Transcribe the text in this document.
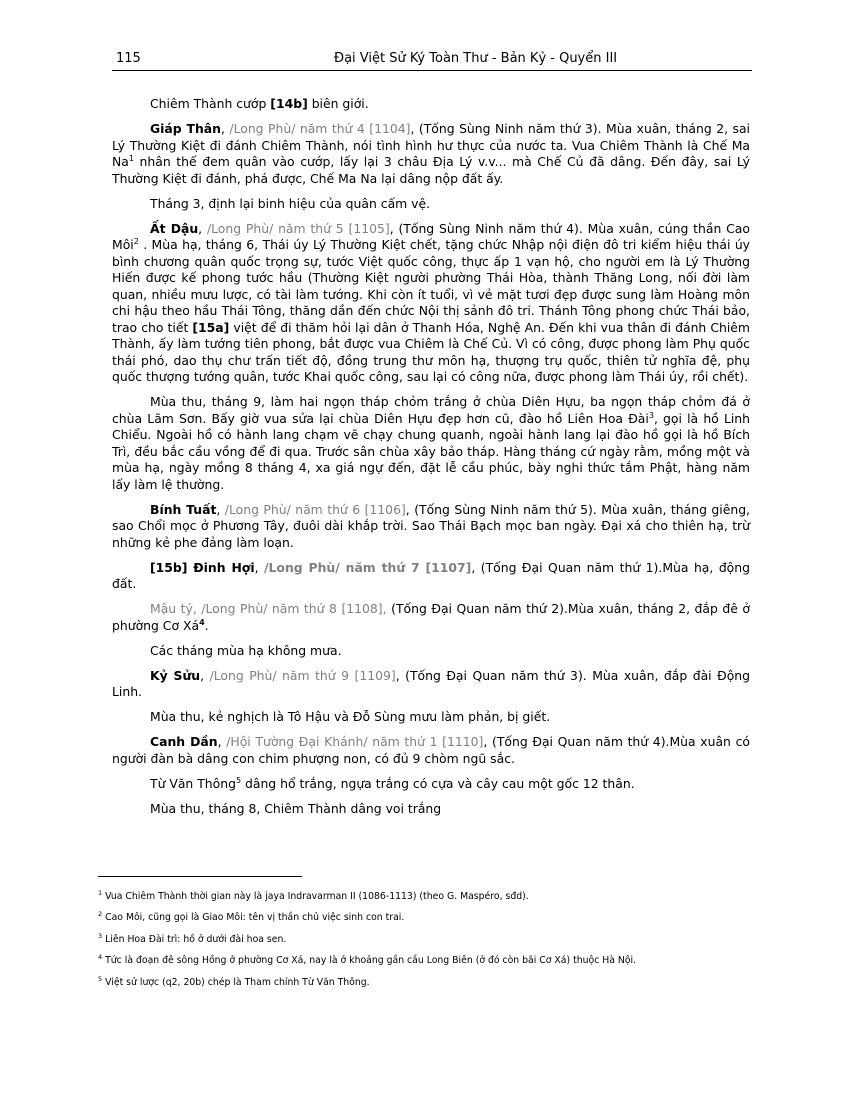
115	Đại Việt Sử Ký Toàn Thư - Bản Kỷ - Quyển III

Chiêm Thành cướp [14b] biên giới.

Giáp Thân, /Long Phù/ năm thứ 4 [1104], (Tống Sùng Ninh năm thứ 3). Mùa xuân, tháng 2, sai Lý Thường Kiệt đi đánh Chiêm Thành, nói tình hình hư thực của nước ta. Vua Chiêm Thành là Chế Ma Na$^1$ nhân thế đem quân vào cướp, lấy lại 3 châu Địa Lý v.v... mà Chế Củ đã dâng. Đến đây, sai Lý Thường Kiệt đi đánh, phá được, Chế Ma Na lại dâng nộp đất ấy.

Tháng 3, định lại binh hiệu của quân cấm vệ.

Ất Dậu, /Long Phù/ năm thứ 5 [1105], (Tống Sùng Ninh năm thứ 4). Mùa xuân, cúng thần Cao Môi$^2$ . Mùa hạ, tháng 6, Thái úy Lý Thường Kiệt chết, tặng chức Nhập nội điện đô tri kiểm hiệu thái úy bình chương quân quốc trọng sự, tước Việt quốc công, thực ấp 1 vạn hộ, cho người em là Lý Thường Hiến được kế phong tước hầu (Thường Kiệt người phường Thái Hòa, thành Thăng Long, nối đời làm quan, nhiều mưu lược, có tài làm tướng. Khi còn ít tuổi, vì vẻ mặt tươi đẹp được sung làm Hoàng môn chi hậu theo hầu Thái Tông, thăng dần đến chức Nội thị sảnh đô tri. Thánh Tông phong chức Thái bảo, trao cho tiết [15a] việt để đi thăm hỏi lại dân ở Thanh Hóa, Nghệ An. Đến khi vua thân đi đánh Chiêm Thành, ấy làm tướng tiên phong, bắt được vua Chiêm là Chế Củ. Vì có công, được phong làm Phụ quốc thái phó, dao thụ chư trấn tiết độ, đồng trung thư môn hạ, thượng trụ quốc, thiên tử nghĩa đệ, phụ quốc thượng tướng quân, tước Khai quốc công, sau lại có công nữa, được phong làm Thái úy, rồi chết).

Mùa thu, tháng 9, làm hai ngọn tháp chỏm trắng ở chùa Diên Hựu, ba ngọn tháp chỏm đá ở chùa Lãm Sơn. Bấy giờ vua sửa lại chùa Diên Hựu đẹp hơn cũ, đào hồ Liên Hoa Đài$^3$, gọi là hồ Linh Chiểu. Ngoài hồ có hành lang chạm vẽ chạy chung quanh, ngoài hành lang lại đào hồ gọi là hồ Bích Trì, đều bắc cầu vồng để đi qua. Trước sân chùa xây bảo tháp. Hàng tháng cứ ngày rằm, mồng một và mùa hạ, ngày mồng 8 tháng 4, xa giá ngự đến, đặt lễ cầu phúc, bày nghi thức tắm Phật, hàng năm lấy làm lệ thường.

Bính Tuất, /Long Phù/ năm thứ 6 [1106], (Tống Sùng Ninh năm thứ 5). Mùa xuân, tháng giêng, sao Chổi mọc ở Phương Tây, đuôi dài khắp trời. Sao Thái Bạch mọc ban ngày. Đại xá cho thiên hạ, trừ những kẻ phe đảng làm loạn.

[15b] Đinh Hợi, /Long Phù/ năm thứ 7 [1107], (Tống Đại Quan năm thứ 1).Mùa hạ, động đất.

Mậu tý, /Long Phù/ năm thứ 8 [1108], (Tống Đại Quan năm thứ 2).Mùa xuân, tháng 2, đắp đê ở phường Cơ $Xá^4$.

Các tháng mùa hạ không mưa.

Kỷ Sửu, /Long Phù/ năm thứ 9 [1109], (Tống Đại Quan năm thứ 3). Mùa xuân, đắp đài Động Linh.

Mùa thu, kẻ nghịch là Tô Hậu và Đỗ Sùng mưu làm phản, bị giết.

Canh Dần, /Hội Tường Đại Khánh/ năm thứ 1 [1110], (Tống Đại Quan năm thứ 4).Mùa xuân có người đàn bà dâng con chim phượng non, có đủ 9 chòm ngũ sắc.

Từ Văn Thông$^5$ dâng hổ trắng, ngựa trắng có cựa và cây cau một gốc 12 thân.

Mùa thu, tháng 8, Chiêm Thành dâng voi trắng

$^1$ Vua Chiêm Thành thời gian này là jaya Indravarman II (1086-1113) (theo G. Maspéro, sđd).
$^2$ Cao Môi, cũng gọi là Giao Môi: tên vị thần chủ việc sinh con trai.
$^3$ Liên Hoa Đài trì: hồ ở dưới đài hoa sen.
$^4$ Tức là đoạn đê sông Hồng ở phường Cơ Xá, nay là ở khoảng gần cầu Long Biên (ở đó còn bãi Cơ Xá) thuộc Hà Nội.
$^5$ Việt sử lược (q2, 20b) chép là Tham chính Từ Văn Thông.
